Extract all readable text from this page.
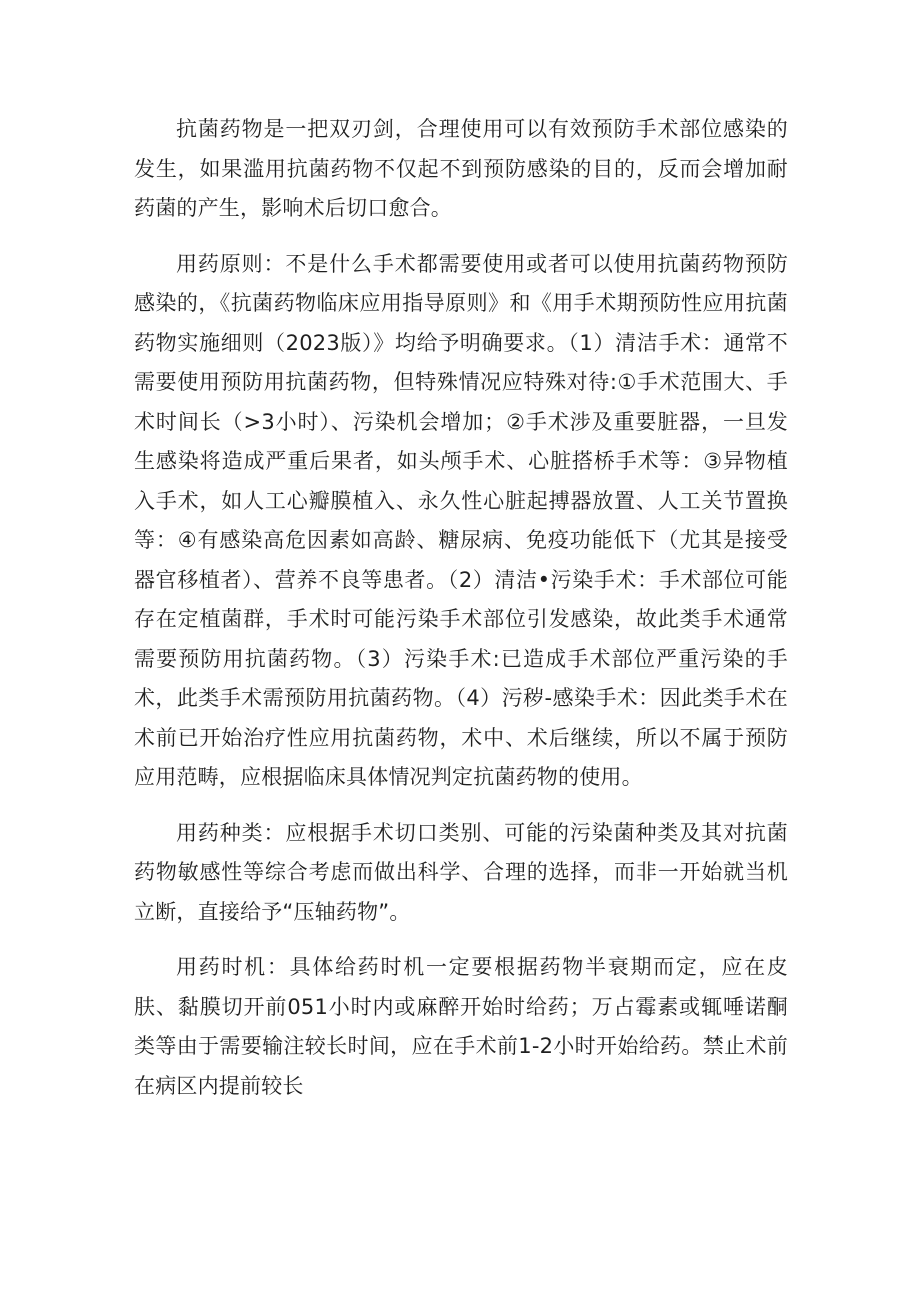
抗菌药物是一把双刃剑，合理使用可以有效预防手术部位感染的发生，如果滥用抗菌药物不仅起不到预防感染的目的，反而会增加耐药菌的产生，影响术后切口愈合。

用药原则：不是什么手术都需要使用或者可以使用抗菌药物预防感染的，《抗菌药物临床应用指导原则》和《用手术期预防性应用抗菌药物实施细则（2023版）》均给予明确要求。（1）清洁手术：通常不需要使用预防用抗菌药物，但特殊情况应特殊对待:①手术范围大、手术时间长（>3小时）、污染机会增加；②手术涉及重要脏器，一旦发生感染将造成严重后果者，如头颅手术、心脏搭桥手术等：③异物植入手术，如人工心瓣膜植入、永久性心脏起搏器放置、人工关节置换等：④有感染高危因素如高龄、糖尿病、免疫功能低下（尤其是接受器官移植者）、营养不良等患者。（2）清洁•污染手术：手术部位可能存在定植菌群，手术时可能污染手术部位引发感染，故此类手术通常需要预防用抗菌药物。（3）污染手术:已造成手术部位严重污染的手术，此类手术需预防用抗菌药物。（4）污秽-感染手术：因此类手术在术前已开始治疗性应用抗菌药物，术中、术后继续，所以不属于预防应用范畴，应根据临床具体情况判定抗菌药物的使用。

用药种类：应根据手术切口类别、可能的污染菌种类及其对抗菌药物敏感性等综合考虑而做出科学、合理的选择，而非一开始就当机立断，直接给予“压轴药物”。

用药时机：具体给药时机一定要根据药物半衰期而定，应在皮肤、黏膜切开前051小时内或麻醉开始时给药；万占霉素或辄唾诺酮类等由于需要输注较长时间，应在手术前1-2小时开始给药。禁止术前在病区内提前较长
